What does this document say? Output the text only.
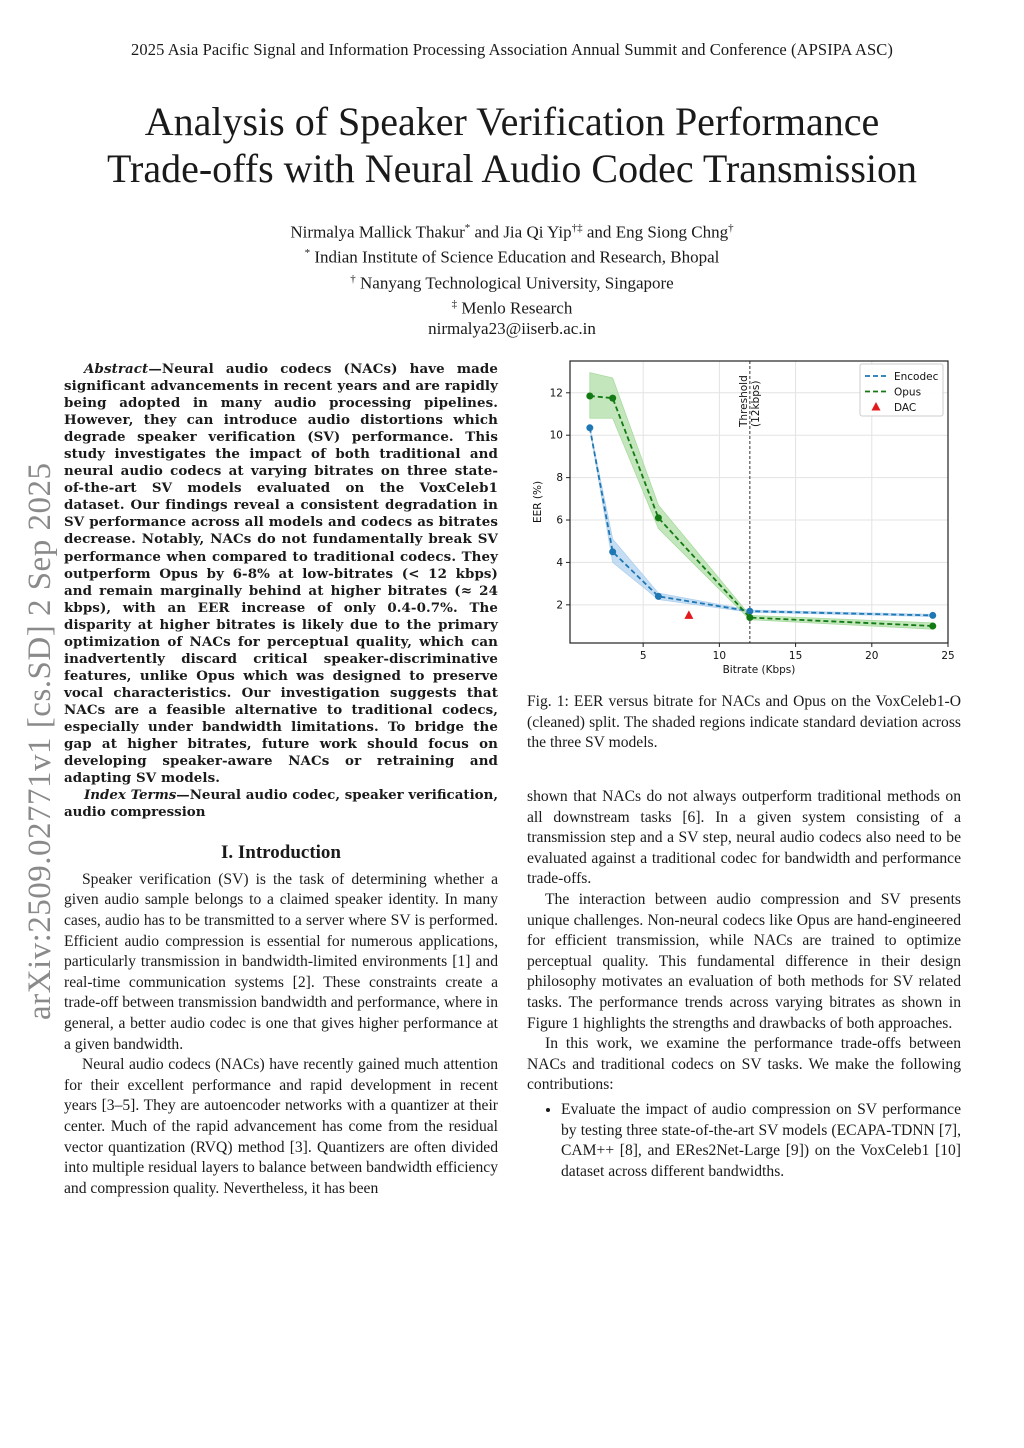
2025 Asia Pacific Signal and Information Processing Association Annual Summit and Conference (APSIPA ASC)
Analysis of Speaker Verification Performance
Trade-offs with Neural Audio Codec Transmission
Nirmalya Mallick Thakur* and Jia Qi Yip†‡ and Eng Siong Chng†
* Indian Institute of Science Education and Research, Bhopal
† Nanyang Technological University, Singapore
‡ Menlo Research
nirmalya23@iiserb.ac.in
arXiv:2509.02771v1 [cs.SD] 2 Sep 2025

Abstract—Neural audio codecs (NACs) have made significant advancements in recent years and are rapidly being adopted in many audio processing pipelines. However, they can introduce audio distortions which degrade speaker verification (SV) performance. This study investigates the impact of both traditional and neural audio codecs at varying bitrates on three state-of-the-art SV models evaluated on the VoxCeleb1 dataset. Our findings reveal a consistent degradation in SV performance across all models and codecs as bitrates decrease. Notably, NACs do not fundamentally break SV performance when compared to traditional codecs. They outperform Opus by 6-8% at low-bitrates (< 12 kbps) and remain marginally behind at higher bitrates (≈ 24 kbps), with an EER increase of only 0.4-0.7%. The disparity at higher bitrates is likely due to the primary optimization of NACs for perceptual quality, which can inadvertently discard critical speaker-discriminative features, unlike Opus which was designed to preserve vocal characteristics. Our investigation suggests that NACs are a feasible alternative to traditional codecs, especially under bandwidth limitations. To bridge the gap at higher bitrates, future work should focus on developing speaker-aware NACs or retraining and adapting SV models.

Index Terms—Neural audio codec, speaker verification, audio compression

I. Introduction

Speaker verification (SV) is the task of determining whether a given audio sample belongs to a claimed speaker identity. In many cases, audio has to be transmitted to a server where SV is performed. Efficient audio compression is essential for numerous applications, particularly transmission in bandwidth-limited environments [1] and real-time communication systems [2]. These constraints create a trade-off between transmission bandwidth and performance, where in general, a better audio codec is one that gives higher performance at a given bandwidth.

Neural audio codecs (NACs) have recently gained much attention for their excellent performance and rapid development in recent years [3–5]. They are autoencoder networks with a quantizer at their center. Much of the rapid advancement has come from the residual vector quantization (RVQ) method [3]. Quantizers are often divided into multiple residual layers to balance between bandwidth efficiency and compression quality. Nevertheless, it has been

Threshold (12kbps)
5	10	15	20	25
2
4
6
8
10
12
Bitrate (Kbps)
EER (%)
Encodec
Opus
DAC
Fig. 1: EER versus bitrate for NACs and Opus on the VoxCeleb1-O (cleaned) split. The shaded regions indicate standard deviation across the three SV models.

shown that NACs do not always outperform traditional methods on all downstream tasks [6]. In a given system consisting of a transmission step and a SV step, neural audio codecs also need to be evaluated against a traditional codec for bandwidth and performance trade-offs.

The interaction between audio compression and SV presents unique challenges. Non-neural codecs like Opus are hand-engineered for efficient transmission, while NACs are trained to optimize perceptual quality. This fundamental difference in their design philosophy motivates an evaluation of both methods for SV related tasks. The performance trends across varying bitrates as shown in Figure 1 highlights the strengths and drawbacks of both approaches.

In this work, we examine the performance trade-offs between NACs and traditional codecs on SV tasks. We make the following contributions:

• Evaluate the impact of audio compression on SV performance by testing three state-of-the-art SV models (ECAPA-TDNN [7], CAM++ [8], and ERes2Net-Large [9]) on the VoxCeleb1 [10] dataset across different bandwidths.
